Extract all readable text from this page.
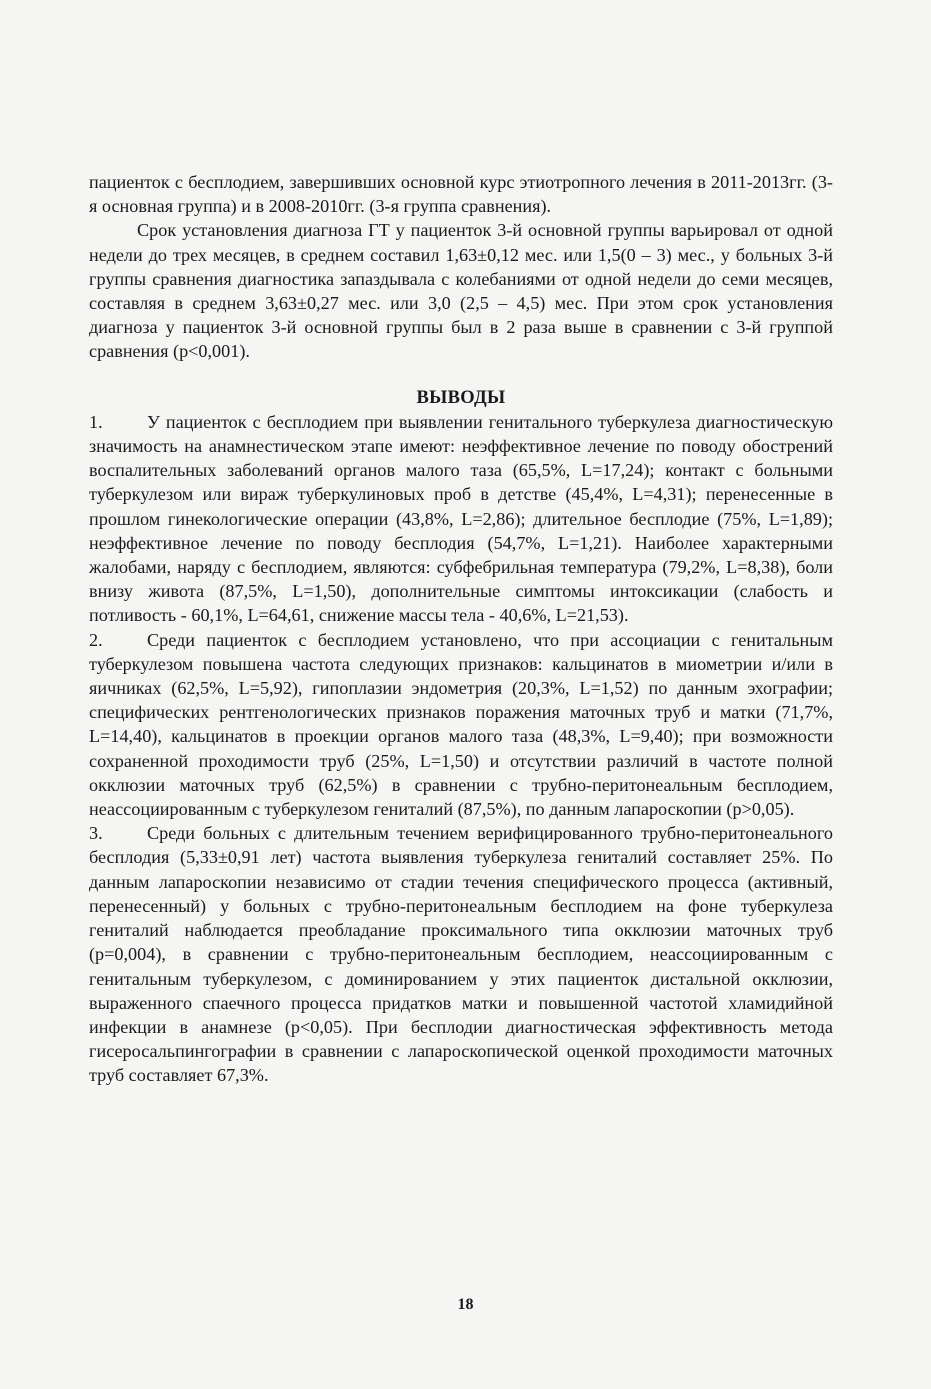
пациенток с бесплодием, завершивших основной курс этиотропного лечения в 2011-2013гг. (3-я основная группа) и в 2008-2010гг. (3-я группа сравнения).

Срок установления диагноза ГТ у пациенток 3-й основной группы варьировал от одной недели до трех месяцев, в среднем составил 1,63±0,12 мес. или 1,5(0 – 3) мес., у больных 3-й группы сравнения диагностика запаздывала с колебаниями от одной недели до семи месяцев, составляя в среднем 3,63±0,27 мес. или 3,0 (2,5 – 4,5) мес. При этом срок установления диагноза у пациенток 3-й основной группы был в 2 раза выше в сравнении с 3-й группой сравнения (p<0,001).

ВЫВОДЫ

1. У пациенток с бесплодием при выявлении генитального туберкулеза диагностическую значимость на анамнестическом этапе имеют: неэффективное лечение по поводу обострений воспалительных заболеваний органов малого таза (65,5%, L=17,24); контакт с больными туберкулезом или вираж туберкулиновых проб в детстве (45,4%, L=4,31); перенесенные в прошлом гинекологические операции (43,8%, L=2,86); длительное бесплодие (75%, L=1,89); неэффективное лечение по поводу бесплодия (54,7%, L=1,21). Наиболее характерными жалобами, наряду с бесплодием, являются: субфебрильная температура (79,2%, L=8,38), боли внизу живота (87,5%, L=1,50), дополнительные симптомы интоксикации (слабость и потливость - 60,1%, L=64,61, снижение массы тела - 40,6%, L=21,53).

2. Среди пациенток с бесплодием установлено, что при ассоциации с генитальным туберкулезом повышена частота следующих признаков: кальцинатов в миометрии и/или в яичниках (62,5%, L=5,92), гипоплазии эндометрия (20,3%, L=1,52) по данным эхографии; специфических рентгенологических признаков поражения маточных труб и матки (71,7%, L=14,40), кальцинатов в проекции органов малого таза (48,3%, L=9,40); при возможности сохраненной проходимости труб (25%, L=1,50) и отсутствии различий в частоте полной окклюзии маточных труб (62,5%) в сравнении с трубно-перитонеальным бесплодием, неассоциированным с туберкулезом гениталий (87,5%), по данным лапароскопии (p>0,05).

3. Среди больных с длительным течением верифицированного трубно-перитонеального бесплодия (5,33±0,91 лет) частота выявления туберкулеза гениталий составляет 25%. По данным лапароскопии независимо от стадии течения специфического процесса (активный, перенесенный) у больных с трубно-перитонеальным бесплодием на фоне туберкулеза гениталий наблюдается преобладание проксимального типа окклюзии маточных труб (p=0,004), в сравнении с трубно-перитонеальным бесплодием, неассоциированным с генитальным туберкулезом, с доминированием у этих пациенток дистальной окклюзии, выраженного спаечного процесса придатков матки и повышенной частотой хламидийной инфекции в анамнезе (p<0,05). При бесплодии диагностическая эффективность метода гисеросальпингографии в сравнении с лапароскопической оценкой проходимости маточных труб составляет 67,3%.

18
